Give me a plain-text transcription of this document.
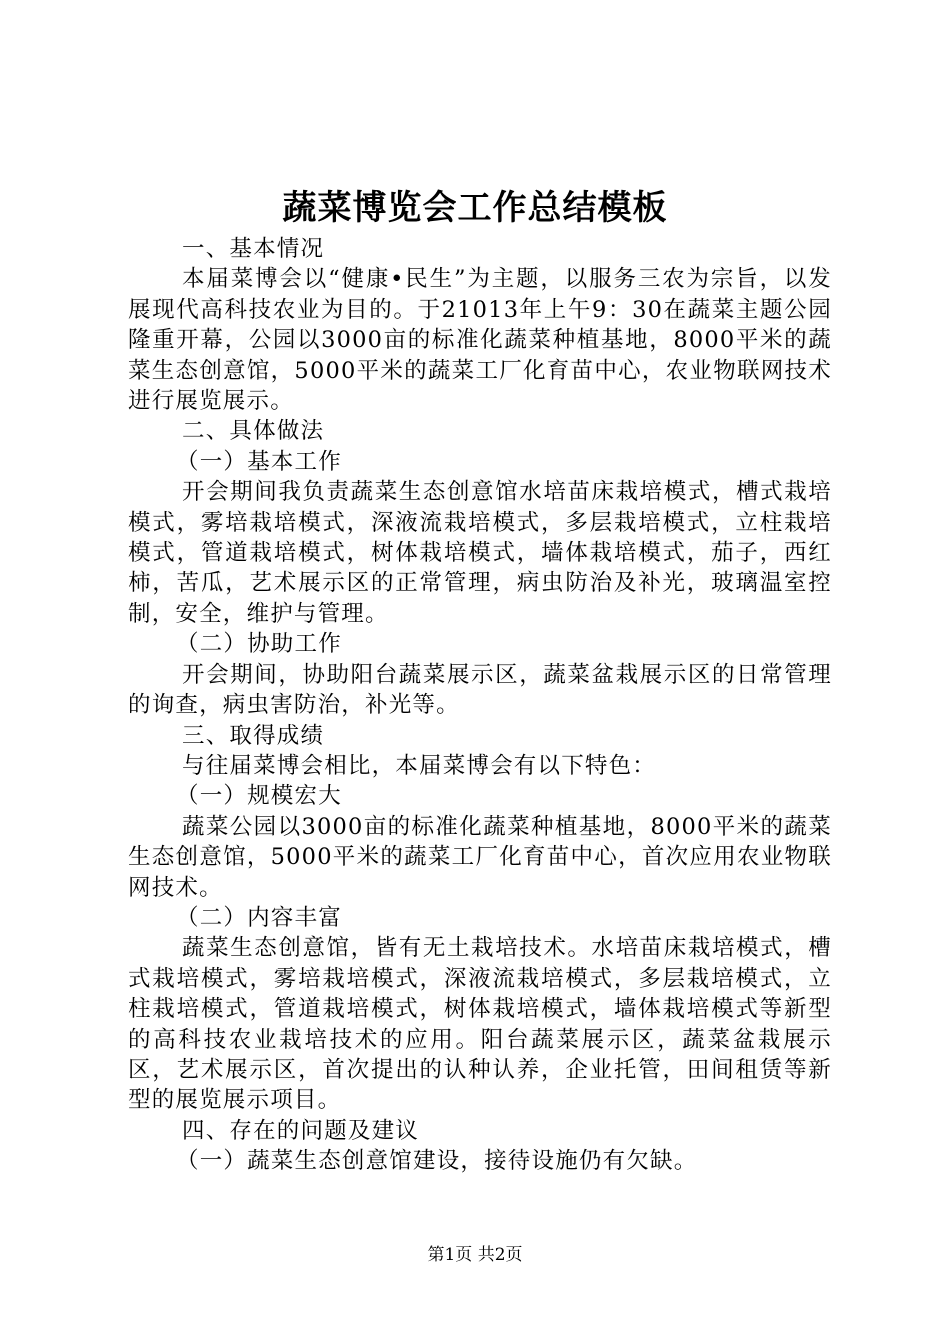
蔬菜博览会工作总结模板

一、基本情况

本届菜博会以“健康•民生”为主题，以服务三农为宗旨，以发展现代高科技农业为目的。于21013年上午9：30在蔬菜主题公园隆重开幕，公园以3000亩的标准化蔬菜种植基地，8000平米的蔬菜生态创意馆，5000平米的蔬菜工厂化育苗中心，农业物联网技术进行展览展示。

二、具体做法

（一）基本工作

开会期间我负责蔬菜生态创意馆水培苗床栽培模式，槽式栽培模式，雾培栽培模式，深液流栽培模式，多层栽培模式，立柱栽培模式，管道栽培模式，树体栽培模式，墙体栽培模式，茄子，西红柿，苦瓜，艺术展示区的正常管理，病虫防治及补光，玻璃温室控制，安全，维护与管理。

（二）协助工作

开会期间，协助阳台蔬菜展示区，蔬菜盆栽展示区的日常管理的询查，病虫害防治，补光等。

三、取得成绩

与往届菜博会相比，本届菜博会有以下特色：

（一）规模宏大

蔬菜公园以3000亩的标准化蔬菜种植基地，8000平米的蔬菜生态创意馆，5000平米的蔬菜工厂化育苗中心，首次应用农业物联网技术。

（二）内容丰富

蔬菜生态创意馆，皆有无土栽培技术。水培苗床栽培模式，槽式栽培模式，雾培栽培模式，深液流栽培模式，多层栽培模式，立柱栽培模式，管道栽培模式，树体栽培模式，墙体栽培模式等新型的高科技农业栽培技术的应用。阳台蔬菜展示区，蔬菜盆栽展示区，艺术展示区，首次提出的认种认养，企业托管，田间租赁等新型的展览展示项目。

四、存在的问题及建议

（一）蔬菜生态创意馆建设，接待设施仍有欠缺。

第1页 共2页
